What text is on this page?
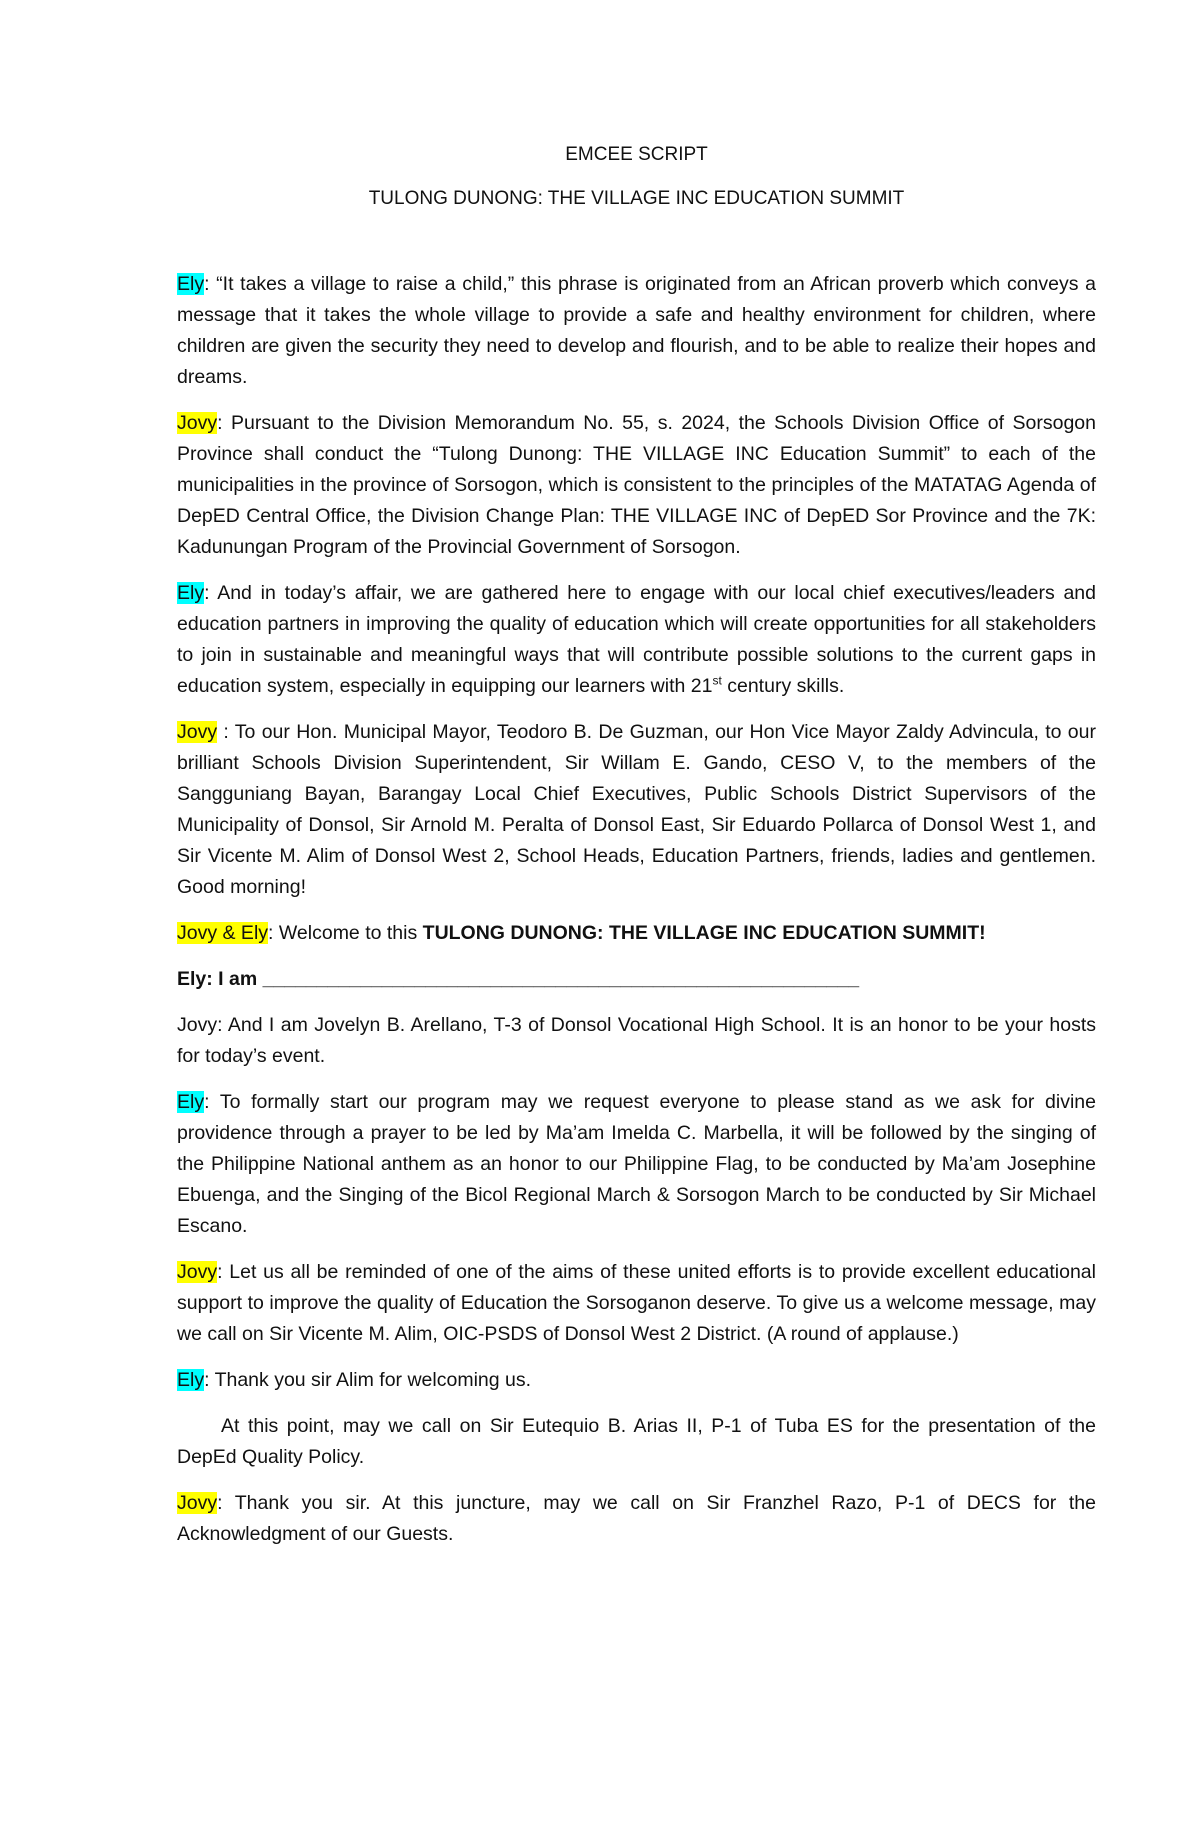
EMCEE SCRIPT
TULONG DUNONG: THE VILLAGE INC EDUCATION SUMMIT

Ely: “It takes a village to raise a child,” this phrase is originated from an African proverb which conveys a message that it takes the whole village to provide a safe and healthy environment for children, where children are given the security they need to develop and flourish, and to be able to realize their hopes and dreams.

Jovy: Pursuant to the Division Memorandum No. 55, s. 2024, the Schools Division Office of Sorsogon Province shall conduct the “Tulong Dunong: THE VILLAGE INC Education Summit” to each of the municipalities in the province of Sorsogon, which is consistent to the principles of the MATATAG Agenda of DepED Central Office, the Division Change Plan: THE VILLAGE INC of DepED Sor Province and the 7K: Kadunungan Program of the Provincial Government of Sorsogon.

Ely: And in today’s affair, we are gathered here to engage with our local chief executives/leaders and education partners in improving the quality of education which will create opportunities for all stakeholders to join in sustainable and meaningful ways that will contribute possible solutions to the current gaps in education system, especially in equipping our learners with 21st century skills.

Jovy : To our Hon. Municipal Mayor, Teodoro B. De Guzman, our Hon Vice Mayor Zaldy Advincula, to our brilliant Schools Division Superintendent, Sir Willam E. Gando, CESO V, to the members of the Sangguniang Bayan, Barangay Local Chief Executives, Public Schools District Supervisors of the Municipality of Donsol, Sir Arnold M. Peralta of Donsol East, Sir Eduardo Pollarca of Donsol West 1, and Sir Vicente M. Alim of Donsol West 2, School Heads, Education Partners, friends, ladies and gentlemen. Good morning!

Jovy & Ely: Welcome to this TULONG DUNONG: THE VILLAGE INC EDUCATION SUMMIT!

Ely: I am _______________________________________________________

Jovy: And I am Jovelyn B. Arellano, T-3 of Donsol Vocational High School. It is an honor to be your hosts for today’s event.

Ely: To formally start our program may we request everyone to please stand as we ask for divine providence through a prayer to be led by Ma’am Imelda C. Marbella, it will be followed by the singing of the Philippine National anthem as an honor to our Philippine Flag, to be conducted by Ma’am Josephine Ebuenga, and the Singing of the Bicol Regional March & Sorsogon March to be conducted by Sir Michael Escano.

Jovy: Let us all be reminded of one of the aims of these united efforts is to provide excellent educational support to improve the quality of Education the Sorsoganon deserve. To give us a welcome message, may we call on Sir Vicente M. Alim, OIC-PSDS of Donsol West 2 District. (A round of applause.)

Ely: Thank you sir Alim for welcoming us.

At this point, may we call on Sir Eutequio B. Arias II, P-1 of Tuba ES for the presentation of the DepEd Quality Policy.

Jovy: Thank you sir. At this juncture, may we call on Sir Franzhel Razo, P-1 of DECS for the Acknowledgment of our Guests.
